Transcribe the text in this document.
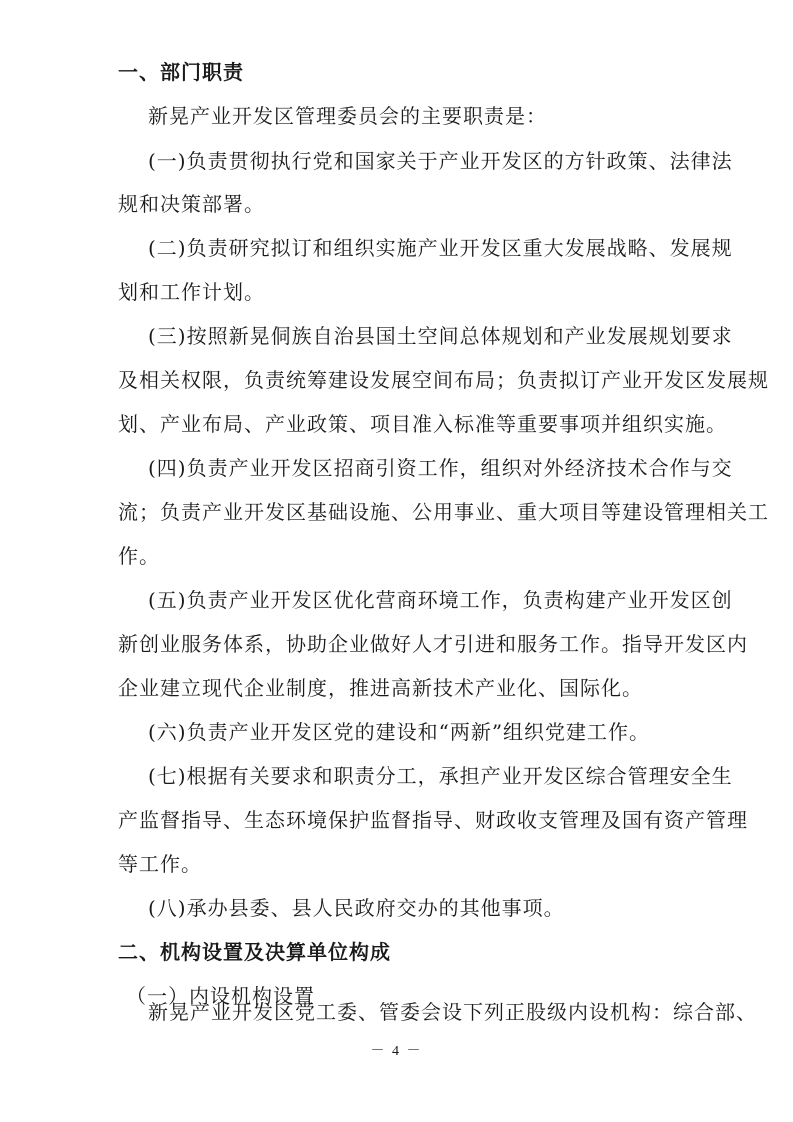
一、部门职责
新晃产业开发区管理委员会的主要职责是：
(一)负责贯彻执行党和国家关于产业开发区的方针政策、法律法
规和决策部署。
(二)负责研究拟订和组织实施产业开发区重大发展战略、发展规
划和工作计划。
(三)按照新晃侗族自治县国土空间总体规划和产业发展规划要求
及相关权限，负责统筹建设发展空间布局；负责拟订产业开发区发展规
划、产业布局、产业政策、项目准入标准等重要事项并组织实施。
(四)负责产业开发区招商引资工作，组织对外经济技术合作与交
流；负责产业开发区基础设施、公用事业、重大项目等建设管理相关工
作。
(五)负责产业开发区优化营商环境工作，负责构建产业开发区创
新创业服务体系，协助企业做好人才引进和服务工作。指导开发区内
企业建立现代企业制度，推进高新技术产业化、国际化。
(六)负责产业开发区党的建设和“两新”组织党建工作。
(七)根据有关要求和职责分工，承担产业开发区综合管理安全生
产监督指导、生态环境保护监督指导、财政收支管理及国有资产管理
等工作。
(八)承办县委、县人民政府交办的其他事项。
二、机构设置及决算单位构成
（一）内设机构设置
新晃产业开发区党工委、管委会设下列正股级内设机构：综合部、
－ 4 －
